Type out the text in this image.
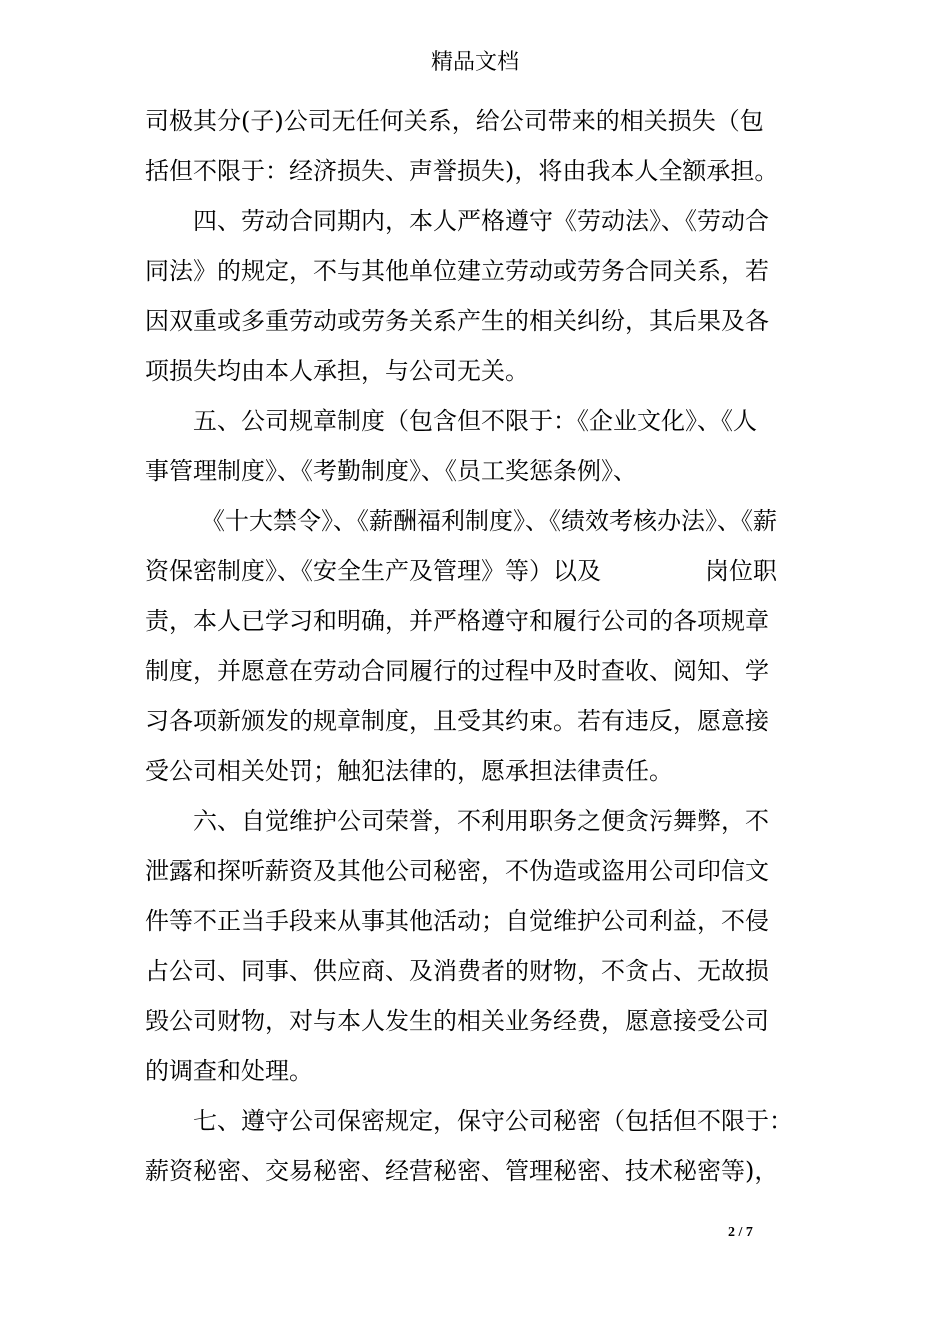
精品文档
司极其分(子)公司无任何关系，给公司带来的相关损失（包
括但不限于：经济损失、声誉损失)，将由我本人全额承担。
四、劳动合同期内，本人严格遵守《劳动法》、《劳动合
同法》的规定，不与其他单位建立劳动或劳务合同关系，若
因双重或多重劳动或劳务关系产生的相关纠纷，其后果及各
项损失均由本人承担，与公司无关。
五、公司规章制度（包含但不限于：《企业文化》、《人
事管理制度》、《考勤制度》、《员工奖惩条例》、
《十大禁令》、《薪酬福利制度》、《绩效考核办法》、《薪
资保密制度》、《安全生产及管理》等）以及	岗位职
责，本人已学习和明确，并严格遵守和履行公司的各项规章
制度，并愿意在劳动合同履行的过程中及时查收、阅知、学
习各项新颁发的规章制度，且受其约束。若有违反，愿意接
受公司相关处罚；触犯法律的，愿承担法律责任。
六、自觉维护公司荣誉，不利用职务之便贪污舞弊，不
泄露和探听薪资及其他公司秘密，不伪造或盗用公司印信文
件等不正当手段来从事其他活动；自觉维护公司利益，不侵
占公司、同事、供应商、及消费者的财物，不贪占、无故损
毁公司财物，对与本人发生的相关业务经费，愿意接受公司
的调查和处理。
七、遵守公司保密规定，保守公司秘密（包括但不限于：
薪资秘密、交易秘密、经营秘密、管理秘密、技术秘密等)，
2 / 7
